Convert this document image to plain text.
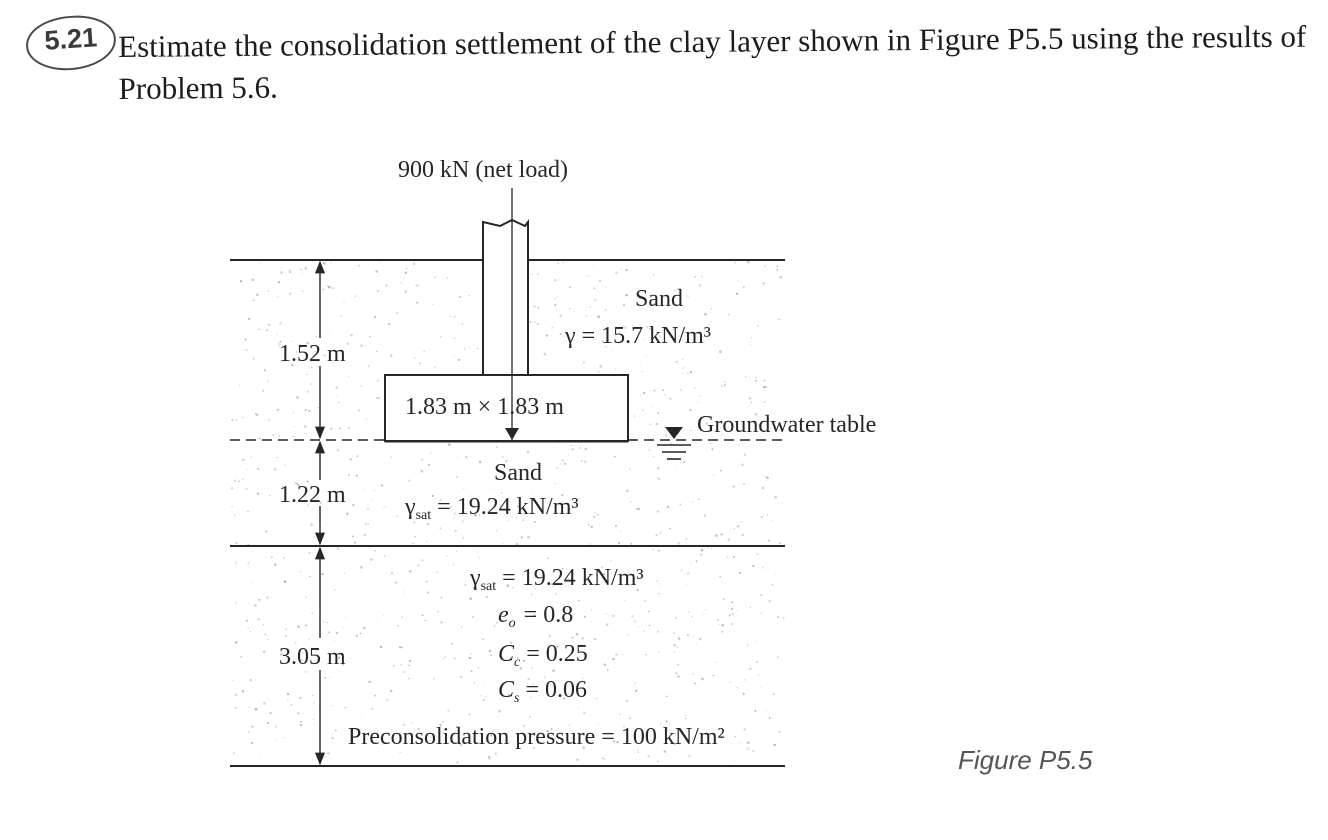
5.21 Estimate the consolidation settlement of the clay layer shown in Figure P5.5 using the results of Problem 5.6.
900 kN (net load)
1.83 m × 1.83 m
Groundwater table
1.52 m
Sand
γ = 15.7 kN/m³
1.22 m
Sand
$\gamma_{sat} = 19.24$ kN/m³
3.05 m
$\gamma_{sat} = 19.24$ kN/m³
$e_o = 0.8$
$C_c = 0.25$
$C_s = 0.06$
Preconsolidation pressure = 100 kN/m²
Figure P5.5
